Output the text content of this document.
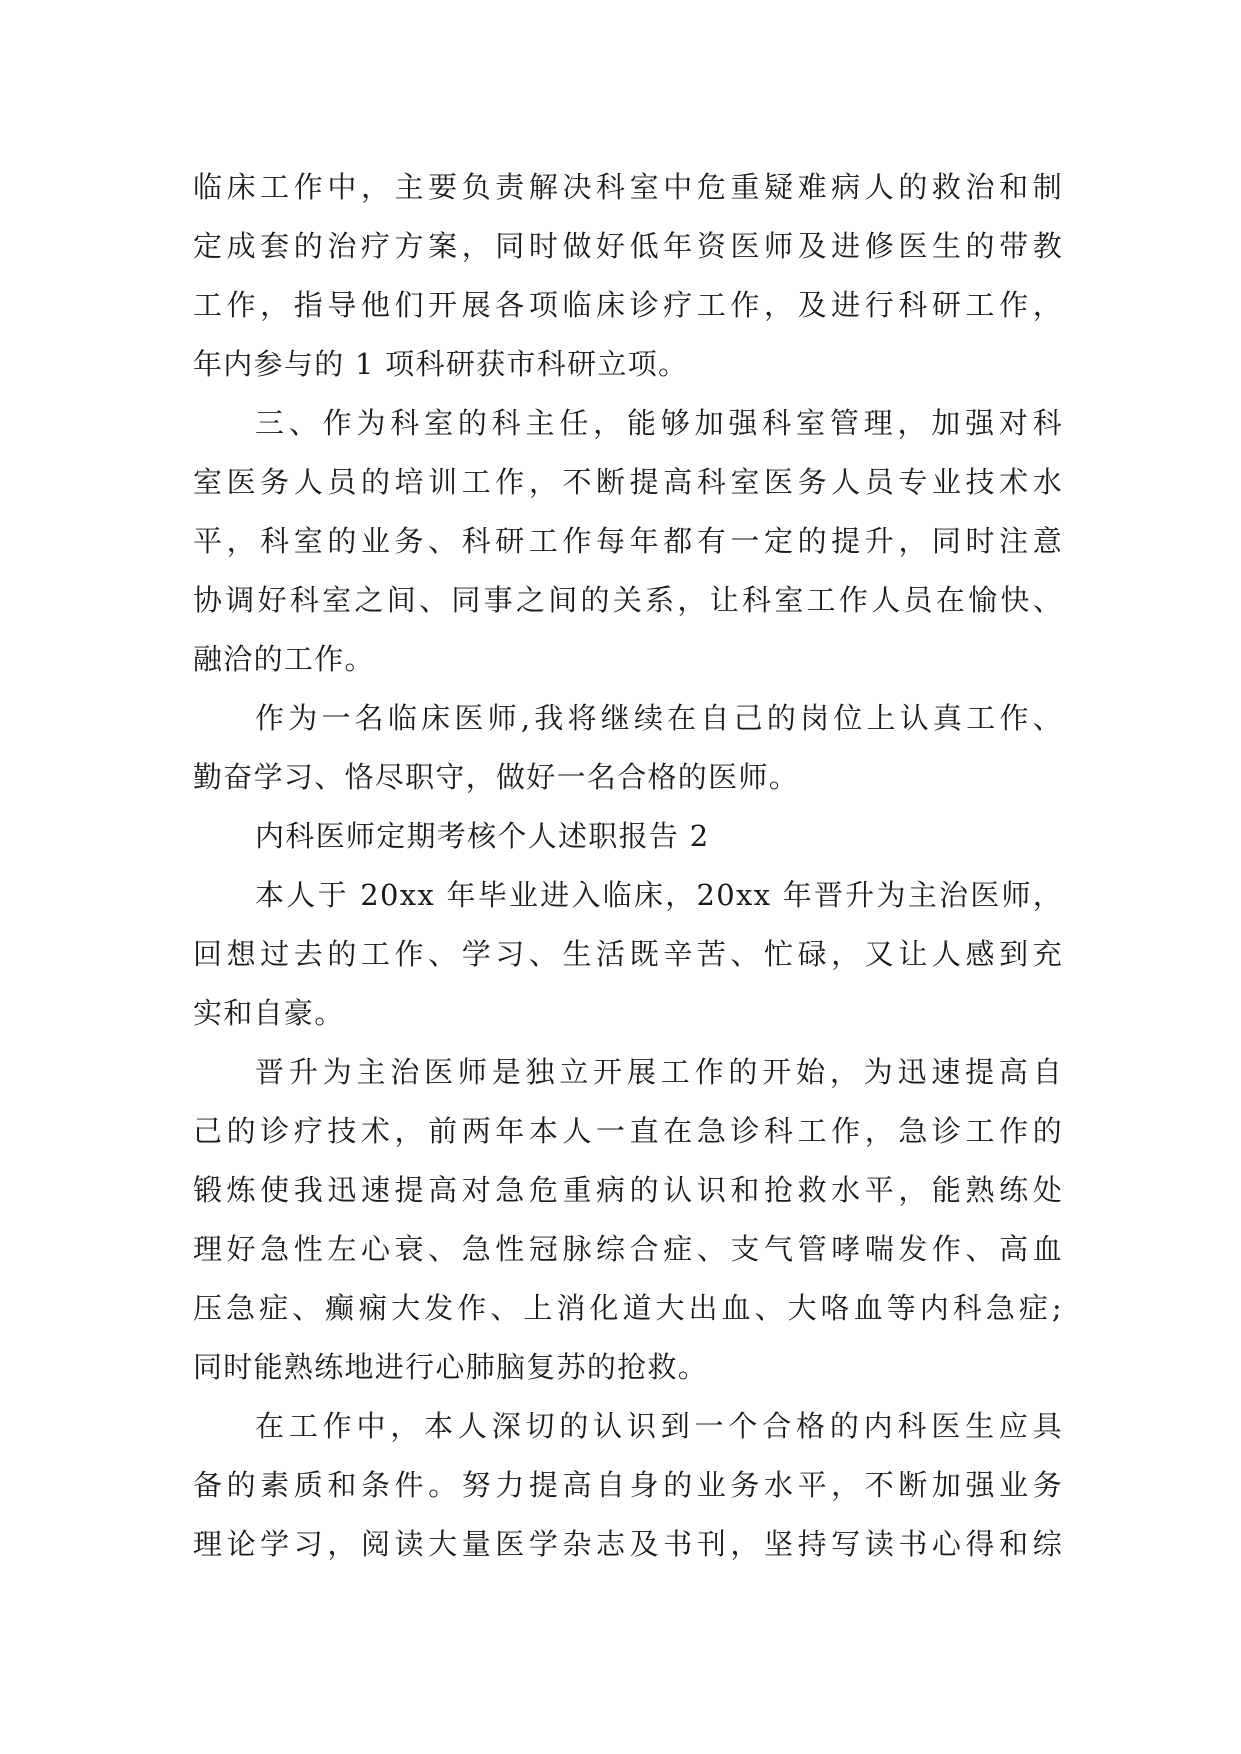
临床工作中，主要负责解决科室中危重疑难病人的救治和制
定成套的治疗方案，同时做好低年资医师及进修医生的带教
工作，指导他们开展各项临床诊疗工作，及进行科研工作，
年内参与的 1 项科研获市科研立项。
三、作为科室的科主任，能够加强科室管理，加强对科
室医务人员的培训工作，不断提高科室医务人员专业技术水
平，科室的业务、科研工作每年都有一定的提升，同时注意
协调好科室之间、同事之间的关系，让科室工作人员在愉快、
融洽的工作。
作为一名临床医师,我将继续在自己的岗位上认真工作、
勤奋学习、恪尽职守，做好一名合格的医师。
内科医师定期考核个人述职报告 2
本人于 20xx 年毕业进入临床，20xx 年晋升为主治医师，
回想过去的工作、学习、生活既辛苦、忙碌，又让人感到充
实和自豪。
晋升为主治医师是独立开展工作的开始，为迅速提高自
己的诊疗技术，前两年本人一直在急诊科工作，急诊工作的
锻炼使我迅速提高对急危重病的认识和抢救水平，能熟练处
理好急性左心衰、急性冠脉综合症、支气管哮喘发作、高血
压急症、癫痫大发作、上消化道大出血、大咯血等内科急症;
同时能熟练地进行心肺脑复苏的抢救。
在工作中，本人深切的认识到一个合格的内科医生应具
备的素质和条件。努力提高自身的业务水平，不断加强业务
理论学习，阅读大量医学杂志及书刊，坚持写读书心得和综
